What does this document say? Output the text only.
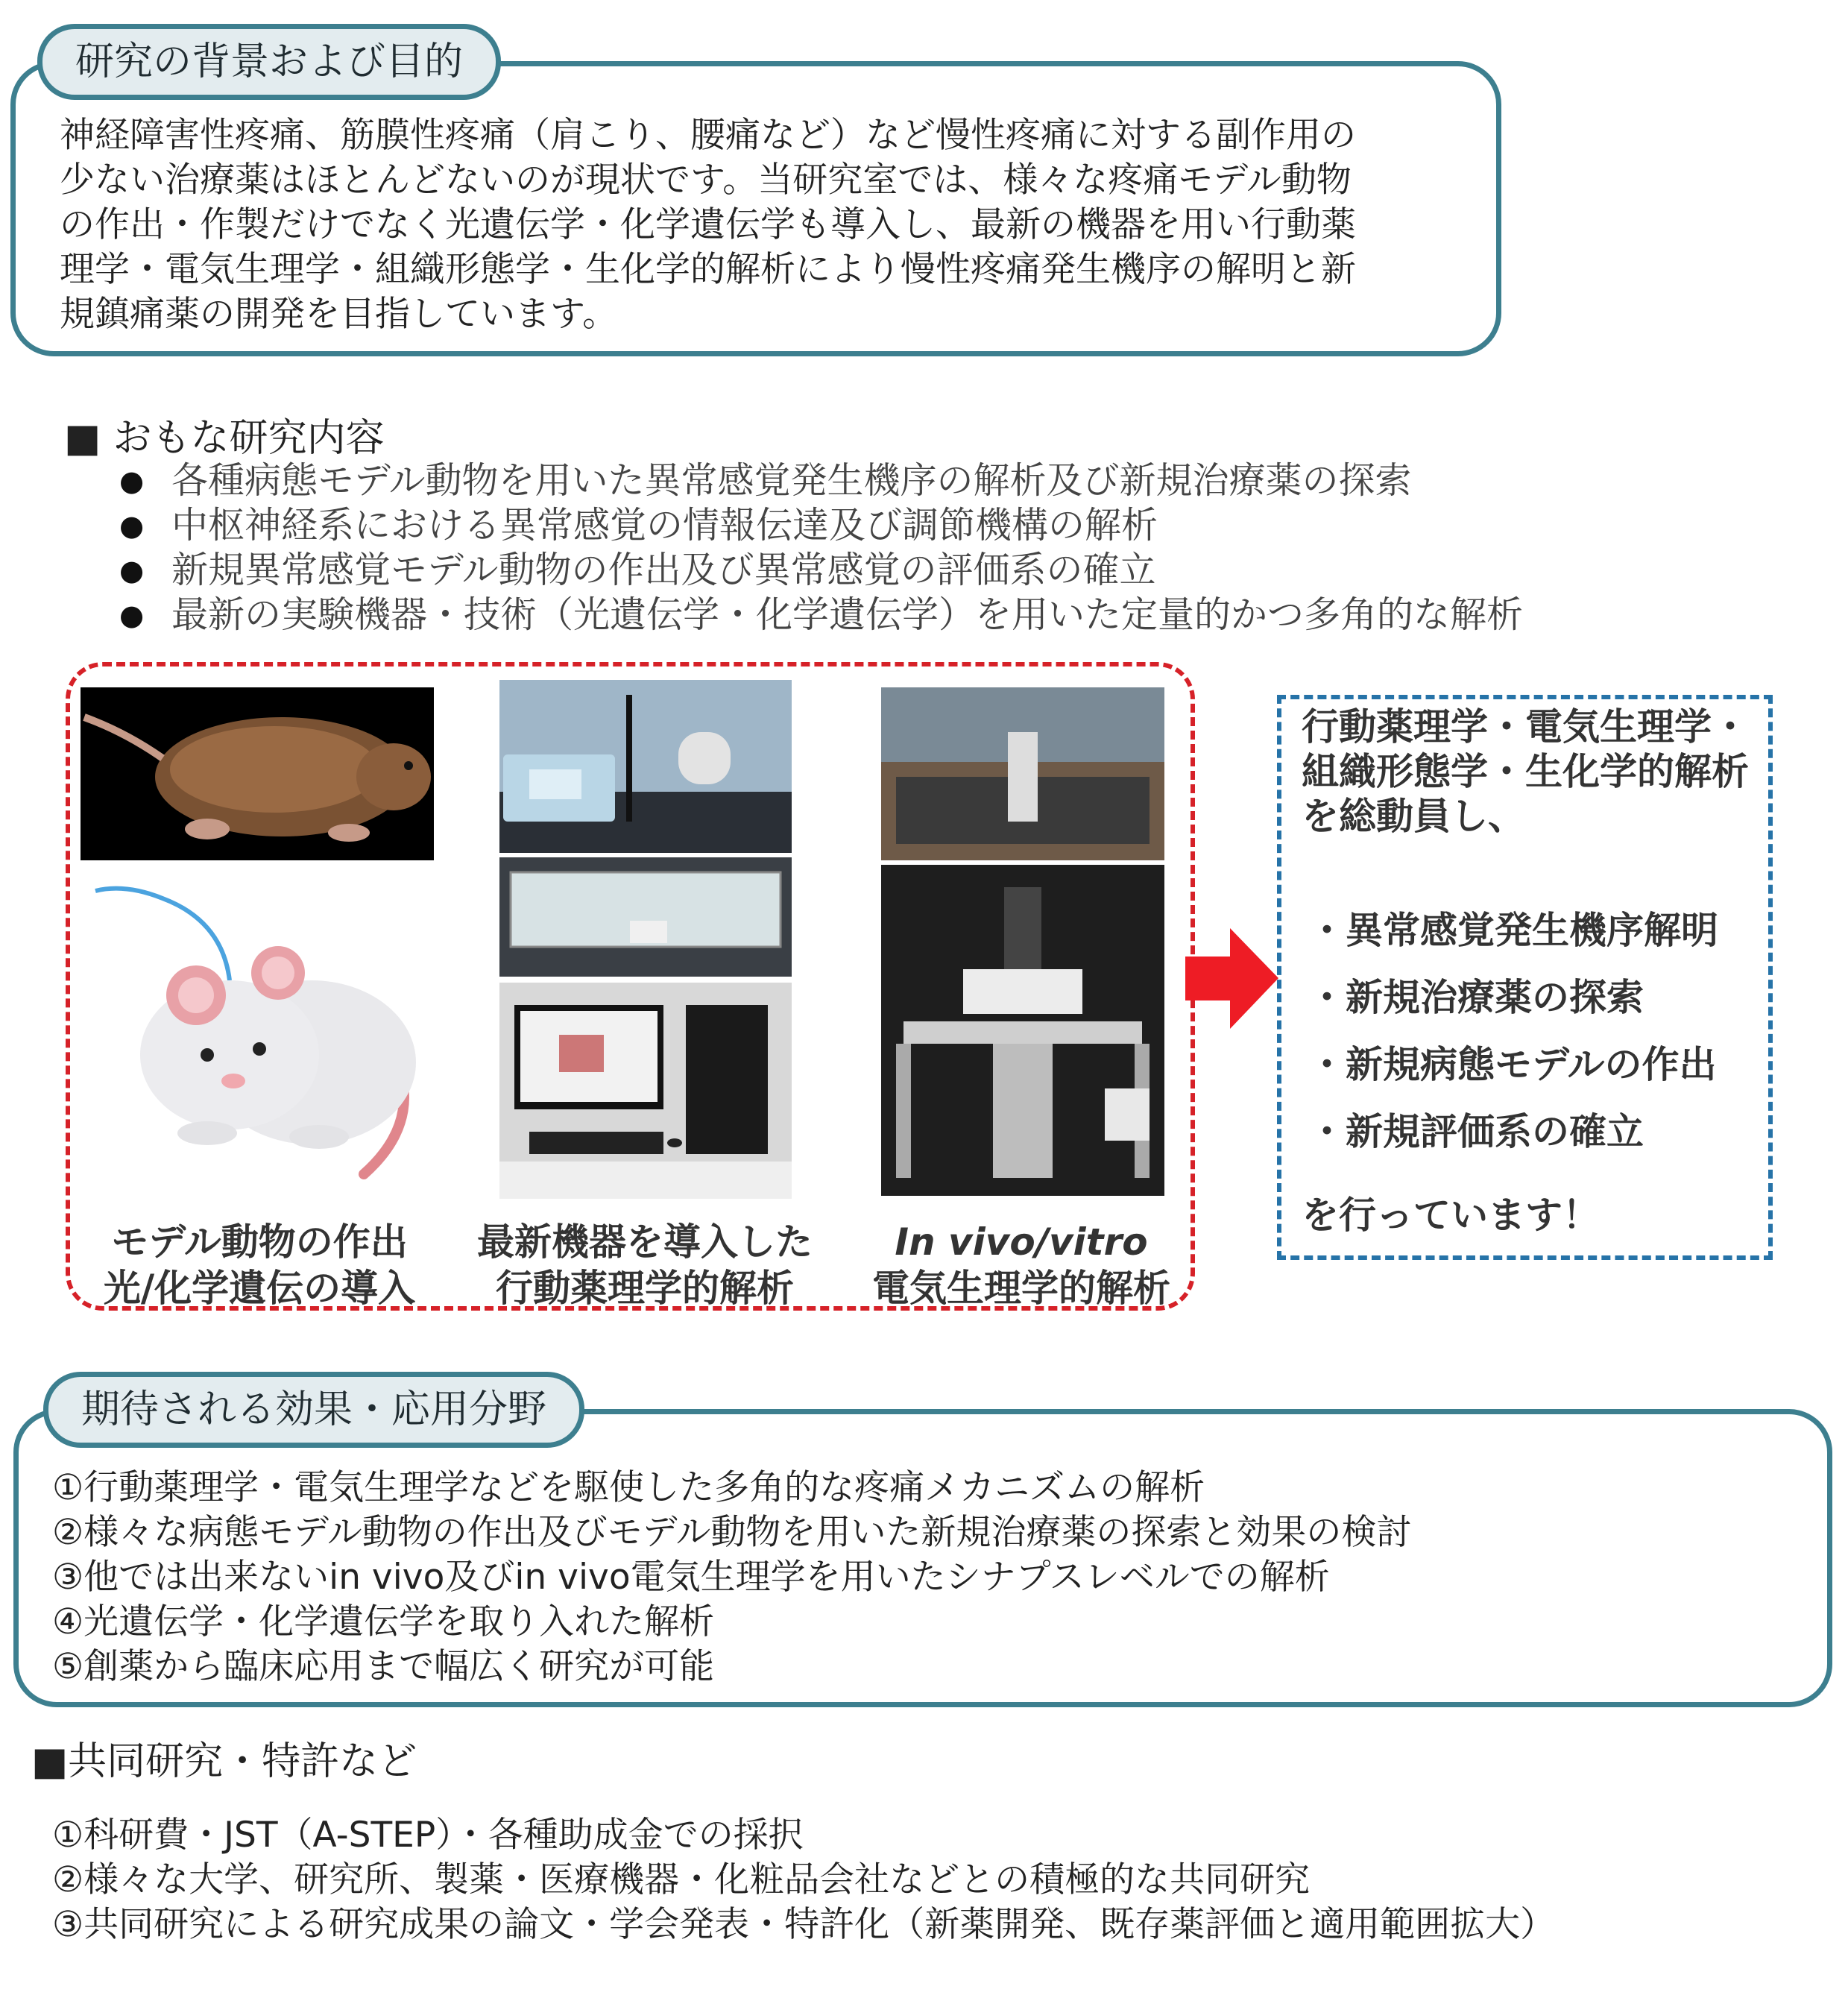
研究の背景および目的
神経障害性疼痛、筋膜性疼痛（肩こり、腰痛など）など慢性疼痛に対する副作用の
少ない治療薬はほとんどないのが現状です。当研究室では、様々な疼痛モデル動物
の作出・作製だけでなく光遺伝学・化学遺伝学も導入し、最新の機器を用い行動薬
理学・電気生理学・組織形態学・生化学的解析により慢性疼痛発生機序の解明と新
規鎮痛薬の開発を目指しています。
■ おもな研究内容
● 各種病態モデル動物を用いた異常感覚発生機序の解析及び新規治療薬の探索
● 中枢神経系における異常感覚の情報伝達及び調節機構の解析
● 新規異常感覚モデル動物の作出及び異常感覚の評価系の確立
● 最新の実験機器・技術（光遺伝学・化学遺伝学）を用いた定量的かつ多角的な解析
モデル動物の作出
光/化学遺伝の導入
最新機器を導入した
行動薬理学的解析
In vivo/vitro
電気生理学的解析
行動薬理学・電気生理学・
組織形態学・生化学的解析
を総動員し、
・異常感覚発生機序解明
・新規治療薬の探索
・新規病態モデルの作出
・新規評価系の確立
を行っています！
期待される効果・応用分野
①行動薬理学・電気生理学などを駆使した多角的な疼痛メカニズムの解析
②様々な病態モデル動物の作出及びモデル動物を用いた新規治療薬の探索と効果の検討
③他では出来ないin vivo及びin vivo電気生理学を用いたシナプスレベルでの解析
④光遺伝学・化学遺伝学を取り入れた解析
⑤創薬から臨床応用まで幅広く研究が可能
■共同研究・特許など
①科研費・JST（A-STEP）・各種助成金での採択
②様々な大学、研究所、製薬・医療機器・化粧品会社などとの積極的な共同研究
③共同研究による研究成果の論文・学会発表・特許化（新薬開発、既存薬評価と適用範囲拡大）
